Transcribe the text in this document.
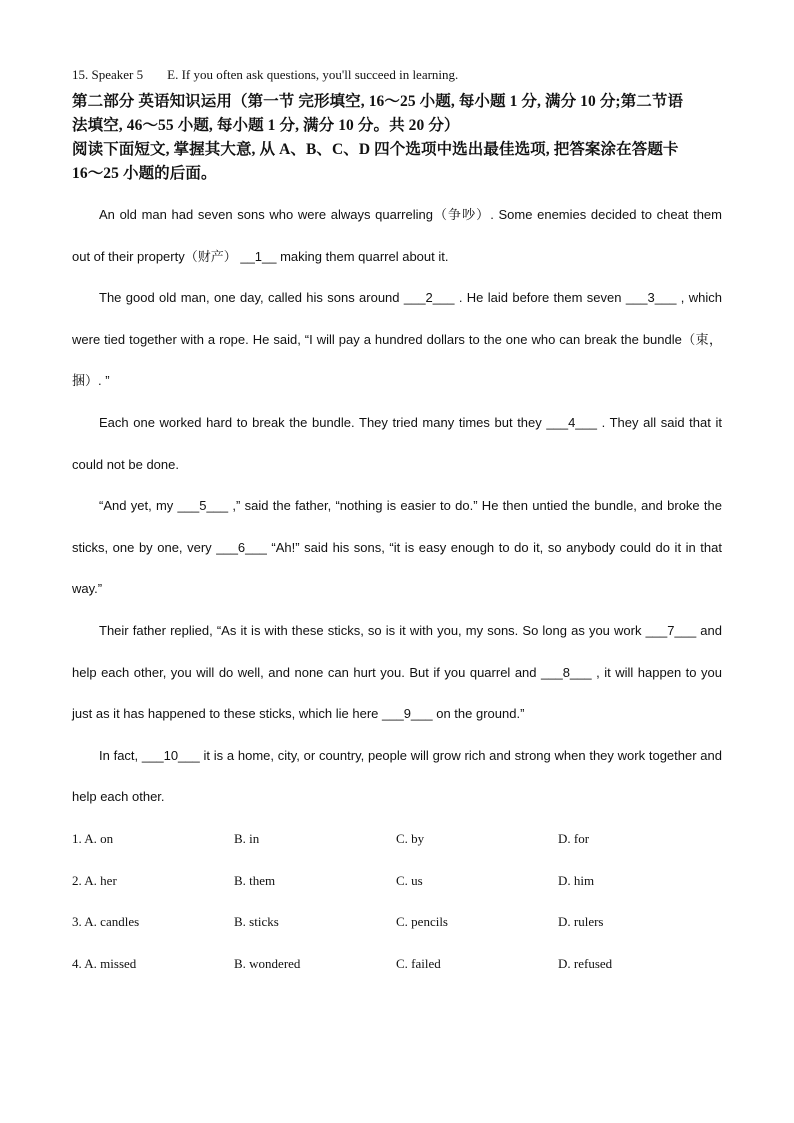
15. Speaker 5 E. If you often ask questions, you'll succeed in learning.

第二部分 英语知识运用（第一节 完形填空, 16～25 小题, 每小题 1 分, 满分 10 分;第二节语

法填空, 46～55 小题, 每小题 1 分, 满分 10 分。共 20 分）

阅读下面短文, 掌握其大意, 从 A、B、C、D 四个选项中选出最佳选项, 把答案涂在答题卡

16～25 小题的后面。

An old man had seven sons who were always quarreling（争吵）. Some enemies decided to cheat them out of their property（财产） __1__ making them quarrel about it.

The good old man, one day, called his sons around ___2___ . He laid before them seven ___3___ , which were tied together with a rope. He said, “I will pay a hundred dollars to the one who can break the bundle（束，捆）. ”

Each one worked hard to break the bundle. They tried many times but they ___4___ . They all said that it could not be done.

“And yet, my ___5___ ,” said the father, “nothing is easier to do.” He then untied the bundle, and broke the sticks, one by one, very ___6___ “Ah!” said his sons, “it is easy enough to do it, so anybody could do it in that way.”

Their father replied, “As it is with these sticks, so is it with you, my sons. So long as you work ___7___ and help each other, you will do well, and none can hurt you. But if you quarrel and ___8___ , it will happen to you just as it has happened to these sticks, which lie here ___9___ on the ground.”

In fact, ___10___ it is a home, city, or country, people will grow rich and strong when they work together and help each other.

1. A. on	B. in	C. by	D. for
2. A. her	B. them	C. us	D. him
3. A. candles	B. sticks	C. pencils	D. rulers
4. A. missed	B. wondered	C. failed	D. refused
